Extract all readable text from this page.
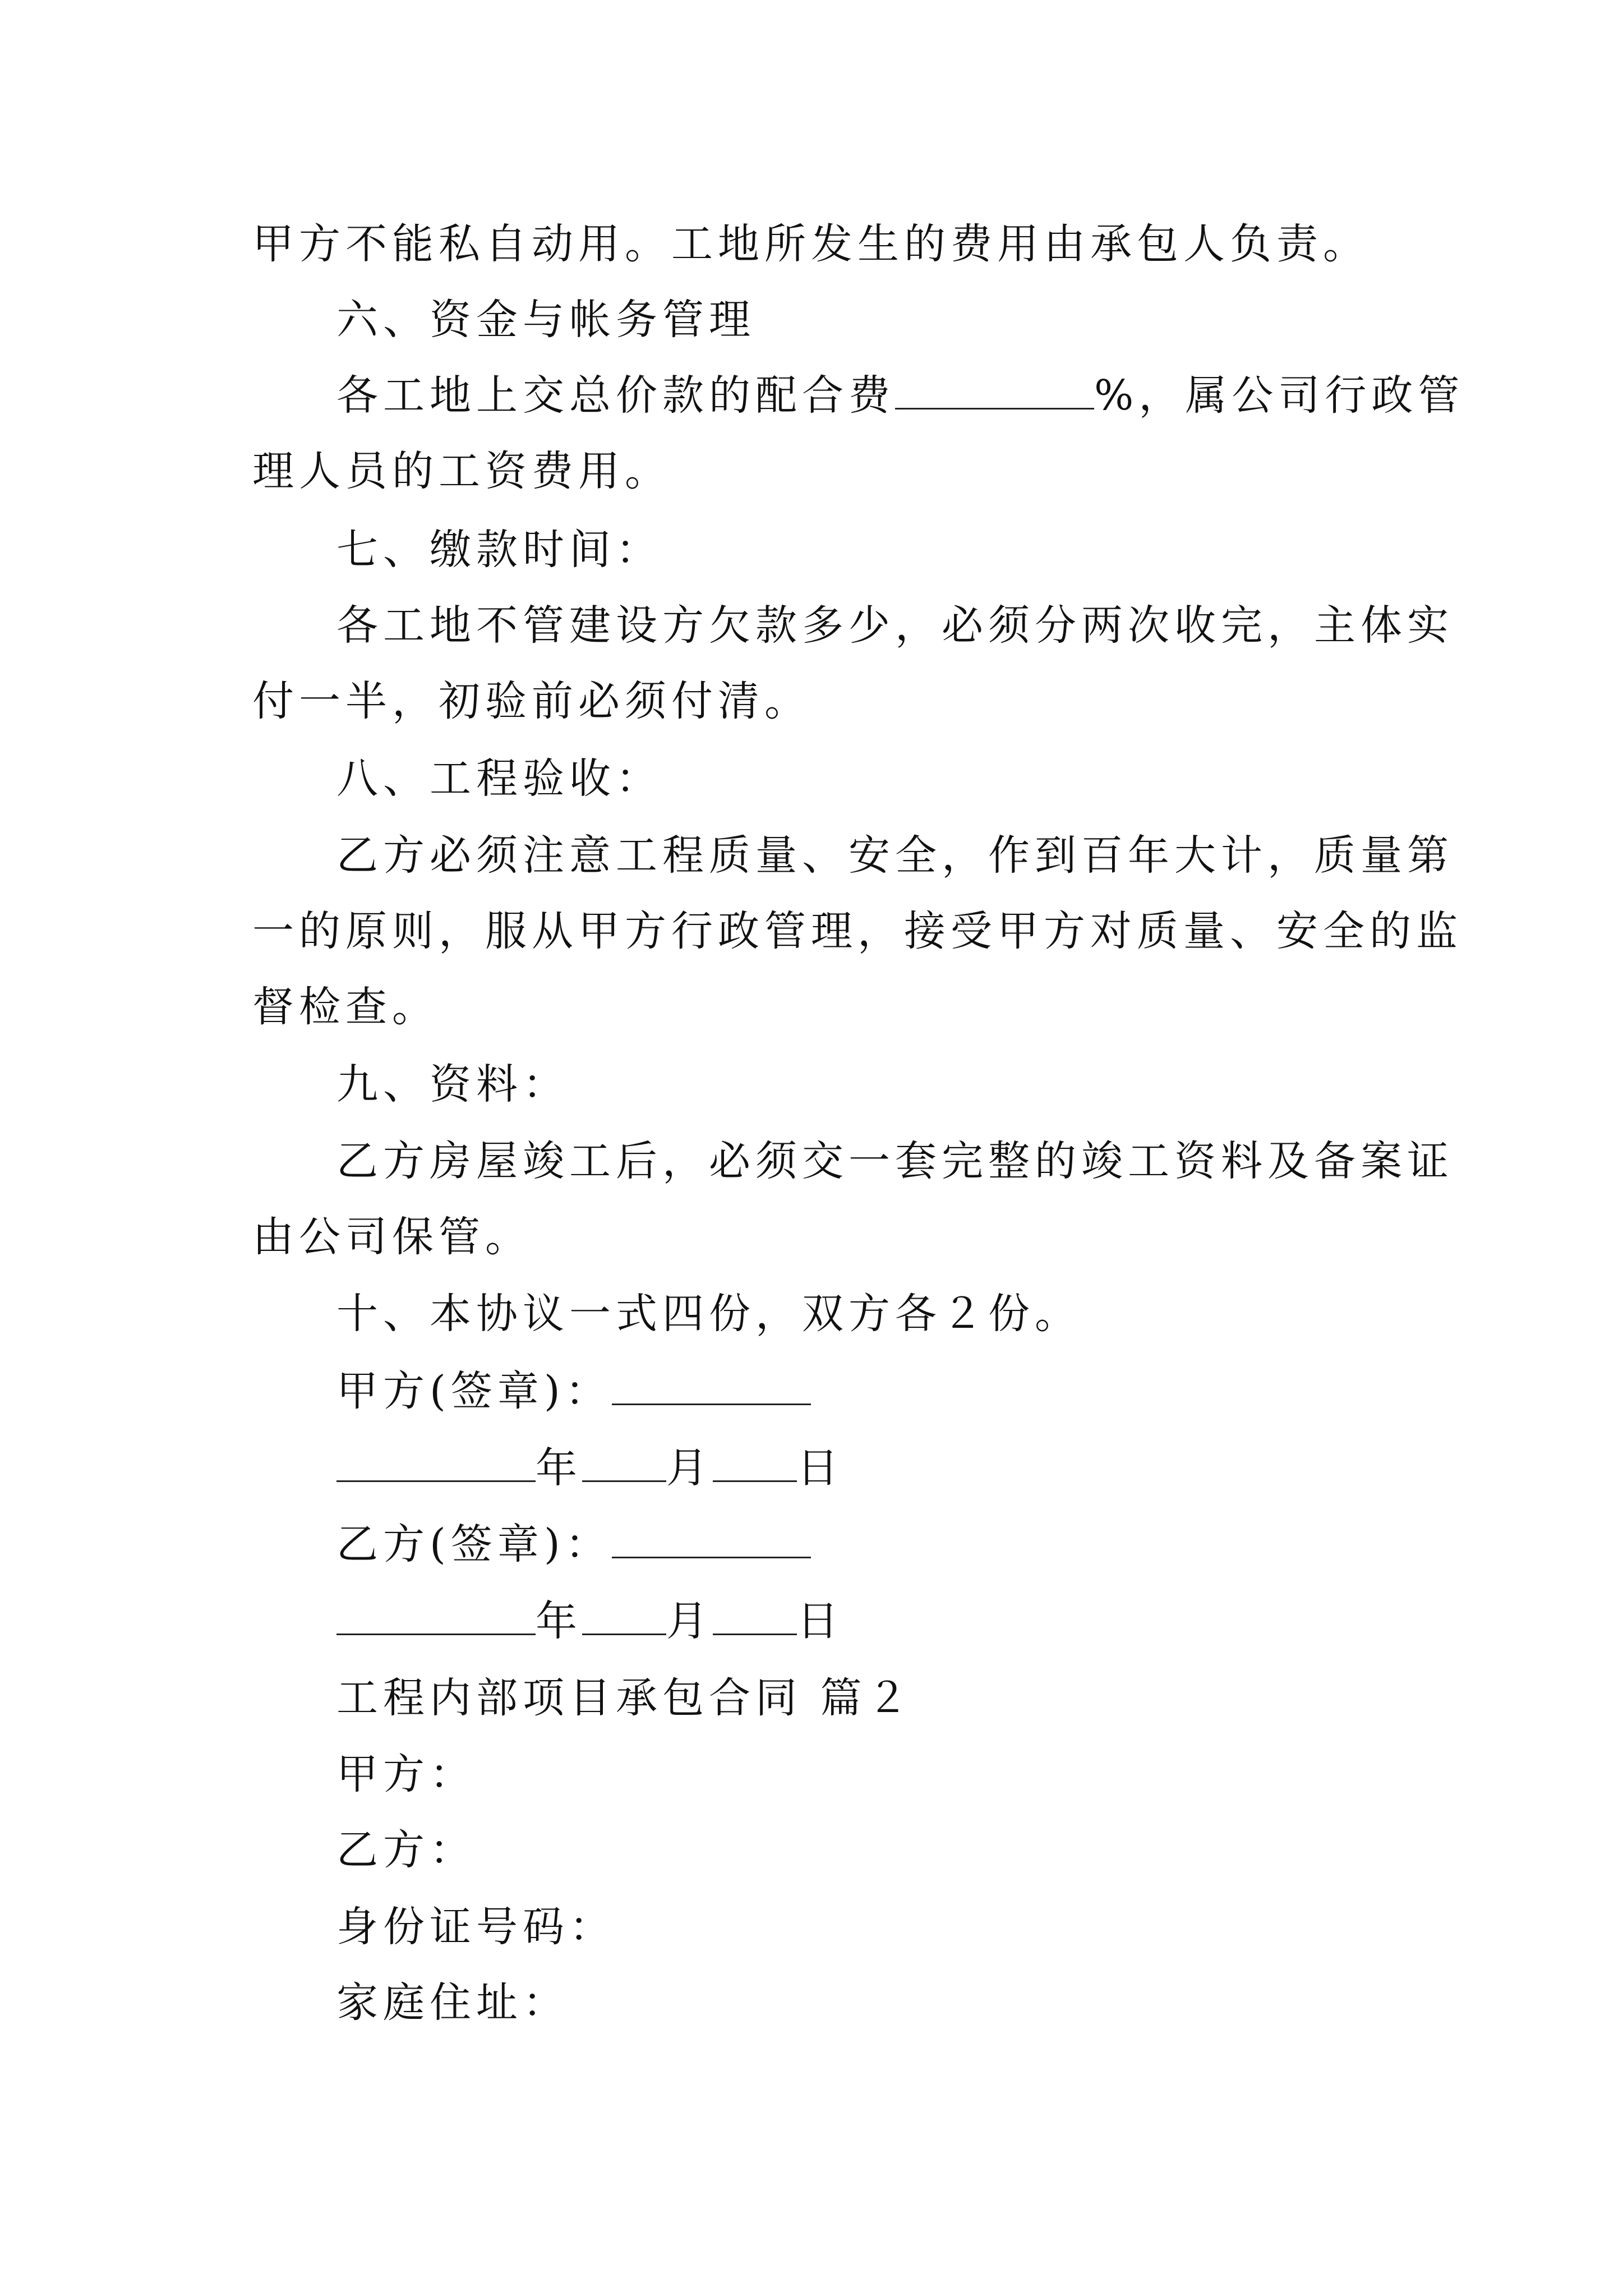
甲方不能私自动用。工地所发生的费用由承包人负责。
六、资金与帐务管理
各工地上交总价款的配合费	%，属公司行政管
理人员的工资费用。
七、缴款时间：
各工地不管建设方欠款多少，必须分两次收完，主体实
付一半，初验前必须付清。
八、工程验收：
乙方必须注意工程质量、安全，作到百年大计，质量第
一的原则，服从甲方行政管理，接受甲方对质量、安全的监
督检查。
九、资料：
乙方房屋竣工后，必须交一套完整的竣工资料及备案证
由公司保管。
十、本协议一式四份，双方各２份。
甲方(签章)：
年 月 日
乙方(签章)：
年 月 日
工程内部项目承包合同 篇２
甲方：
乙方：
身份证号码：
家庭住址：
